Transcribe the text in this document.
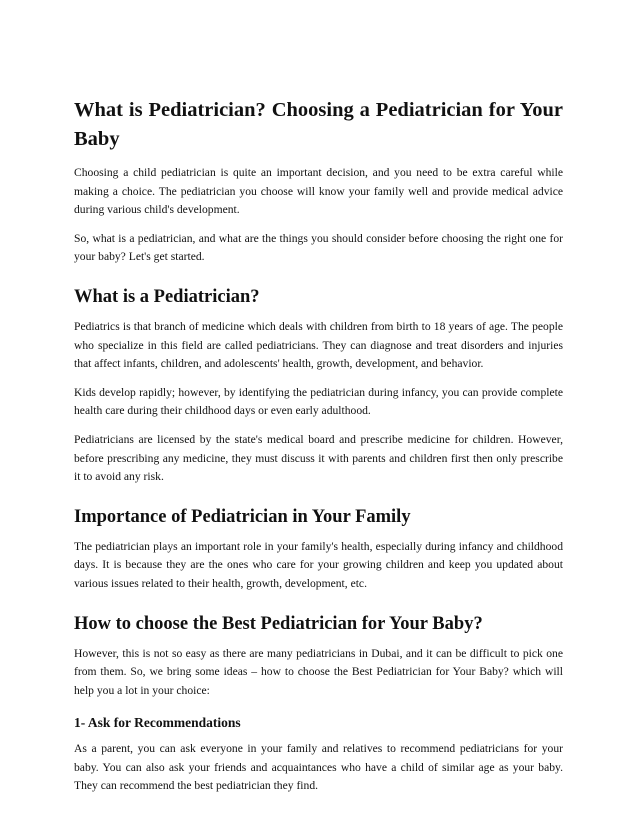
What is Pediatrician? Choosing a Pediatrician for Your Baby

Choosing a child pediatrician is quite an important decision, and you need to be extra careful while making a choice. The pediatrician you choose will know your family well and provide medical advice during various child's development.

So, what is a pediatrician, and what are the things you should consider before choosing the right one for your baby? Let's get started.

What is a Pediatrician?

Pediatrics is that branch of medicine which deals with children from birth to 18 years of age. The people who specialize in this field are called pediatricians. They can diagnose and treat disorders and injuries that affect infants, children, and adolescents' health, growth, development, and behavior.

Kids develop rapidly; however, by identifying the pediatrician during infancy, you can provide complete health care during their childhood days or even early adulthood.

Pediatricians are licensed by the state's medical board and prescribe medicine for children. However, before prescribing any medicine, they must discuss it with parents and children first then only prescribe it to avoid any risk.

Importance of Pediatrician in Your Family

The pediatrician plays an important role in your family's health, especially during infancy and childhood days. It is because they are the ones who care for your growing children and keep you updated about various issues related to their health, growth, development, etc.

How to choose the Best Pediatrician for Your Baby?

However, this is not so easy as there are many pediatricians in Dubai, and it can be difficult to pick one from them. So, we bring some ideas – how to choose the Best Pediatrician for Your Baby? which will help you a lot in your choice:

1- Ask for Recommendations

As a parent, you can ask everyone in your family and relatives to recommend pediatricians for your baby. You can also ask your friends and acquaintances who have a child of similar age as your baby. They can recommend the best pediatrician they find.
